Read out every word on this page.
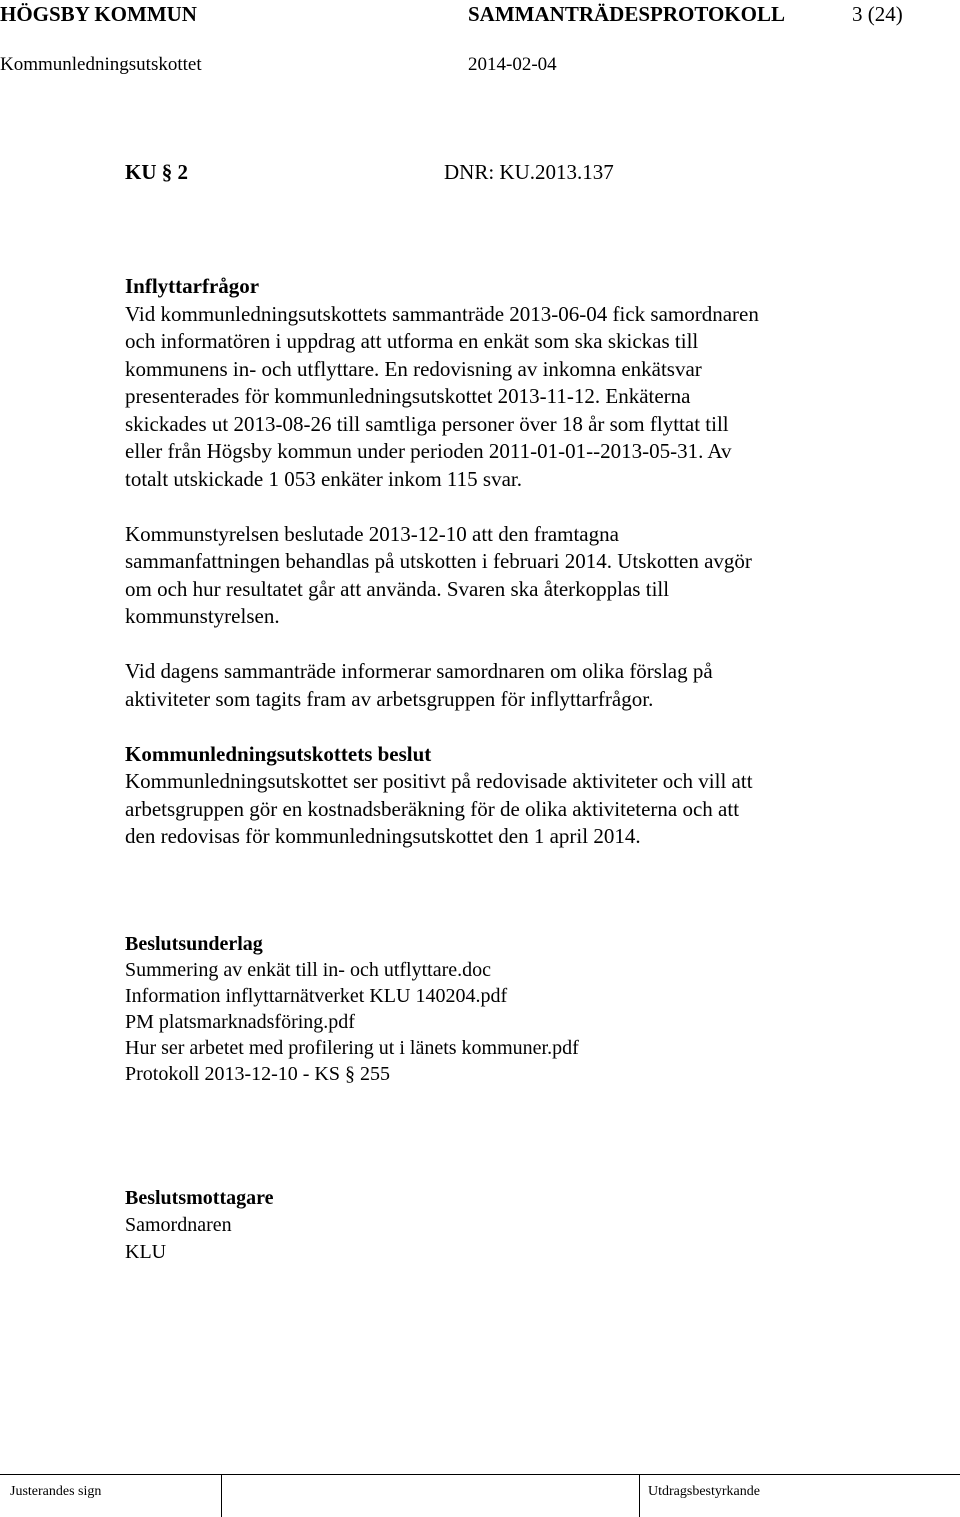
HÖGSBY KOMMUN	SAMMANTRÄDESPROTOKOLL	3 (24)
Kommunledningsutskottet	2014-02-04
KU § 2	DNR: KU.2013.137

Inflyttarfrågor

Vid kommunledningsutskottets sammanträde 2013-06-04 fick samordnaren

och informatören i uppdrag att utforma en enkät som ska skickas till

kommunens in- och utflyttare. En redovisning av inkomna enkätsvar

presenterades för kommunledningsutskottet 2013-11-12. Enkäterna

skickades ut 2013-08-26 till samtliga personer över 18 år som flyttat till

eller från Högsby kommun under perioden 2011-01-01--2013-05-31. Av

totalt utskickade 1 053 enkäter inkom 115 svar.

Kommunstyrelsen beslutade 2013-12-10 att den framtagna

sammanfattningen behandlas på utskotten i februari 2014. Utskotten avgör

om och hur resultatet går att använda. Svaren ska återkopplas till

kommunstyrelsen.

Vid dagens sammanträde informerar samordnaren om olika förslag på

aktiviteter som tagits fram av arbetsgruppen för inflyttarfrågor.

Kommunledningsutskottets beslut

Kommunledningsutskottet ser positivt på redovisade aktiviteter och vill att

arbetsgruppen gör en kostnadsberäkning för de olika aktiviteterna och att

den redovisas för kommunledningsutskottet den 1 april 2014.

Beslutsunderlag

Summering av enkät till in- och utflyttare.doc

Information inflyttarnätverket KLU 140204.pdf

PM platsmarknadsföring.pdf

Hur ser arbetet med profilering ut i länets kommuner.pdf

Protokoll 2013-12-10 - KS § 255

Beslutsmottagare

Samordnaren

KLU

Justerandes sign	Utdragsbestyrkande
